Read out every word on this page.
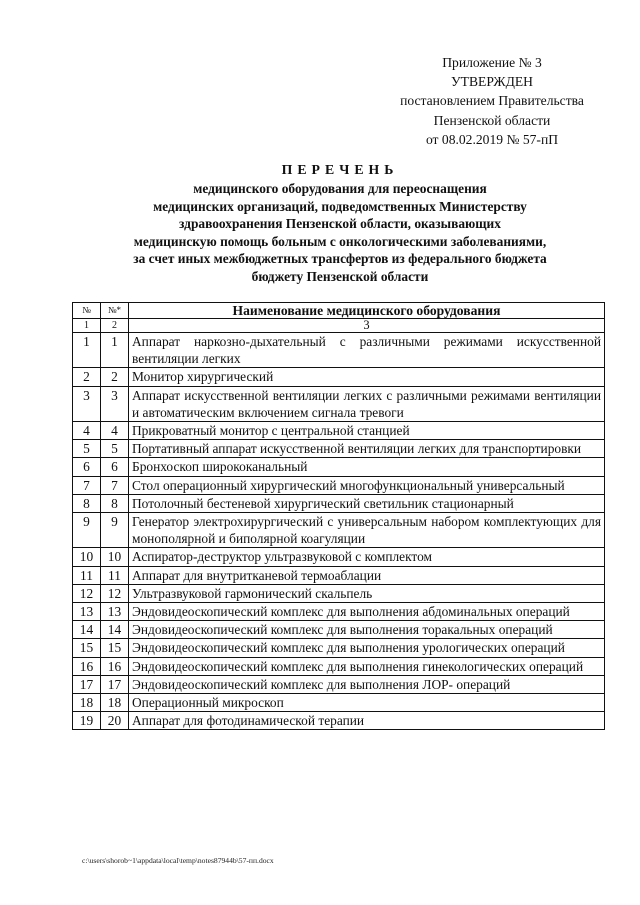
Приложение № 3
УТВЕРЖДЕН
постановлением Правительства
Пензенской области
от 08.02.2019 № 57-пП
ПЕРЕЧЕНЬ
медицинского оборудования для переоснащения
медицинских организаций, подведомственных Министерству
здравоохранения Пензенской области, оказывающих
медицинскую помощь больным с онкологическими заболеваниями,
за счет иных межбюджетных трансфертов из федерального бюджета
бюджету Пензенской области
№	№*	Наименование медицинского оборудования
1	2	3
1	1	Аппарат наркозно-дыхательный с различными режимами искусственной вентиляции легких
2	2	Монитор хирургический
3	3	Аппарат искусственной вентиляции легких с различными режимами вентиляции и автоматическим включением сигнала тревоги
4	4	Прикроватный монитор с центральной станцией
5	5	Портативный аппарат искусственной вентиляции легких для транспортировки
6	6	Бронхоскоп ширококанальный
7	7	Стол операционный хирургический многофункциональный универсальный
8	8	Потолочный бестеневой хирургический светильник стационарный
9	9	Генератор электрохирургический с универсальным набором комплектующих для монополярной и биполярной коагуляции
10	10	Аспиратор-деструктор ультразвуковой с комплектом
11	11	Аппарат для внутритканевой термоаблации
12	12	Ультразвуковой гармонический скальпель
13	13	Эндовидеоскопический комплекс для выполнения абдоминальных операций
14	14	Эндовидеоскопический комплекс для выполнения торакальных операций
15	15	Эндовидеоскопический комплекс для выполнения урологических операций
16	16	Эндовидеоскопический комплекс для выполнения гинекологических операций
17	17	Эндовидеоскопический комплекс для выполнения ЛОР- операций
18	18	Операционный микроскоп
19	20	Аппарат для фотодинамической терапии
c:\users\shorob~1\appdata\local\temp\notes87944b\57-пп.docx
